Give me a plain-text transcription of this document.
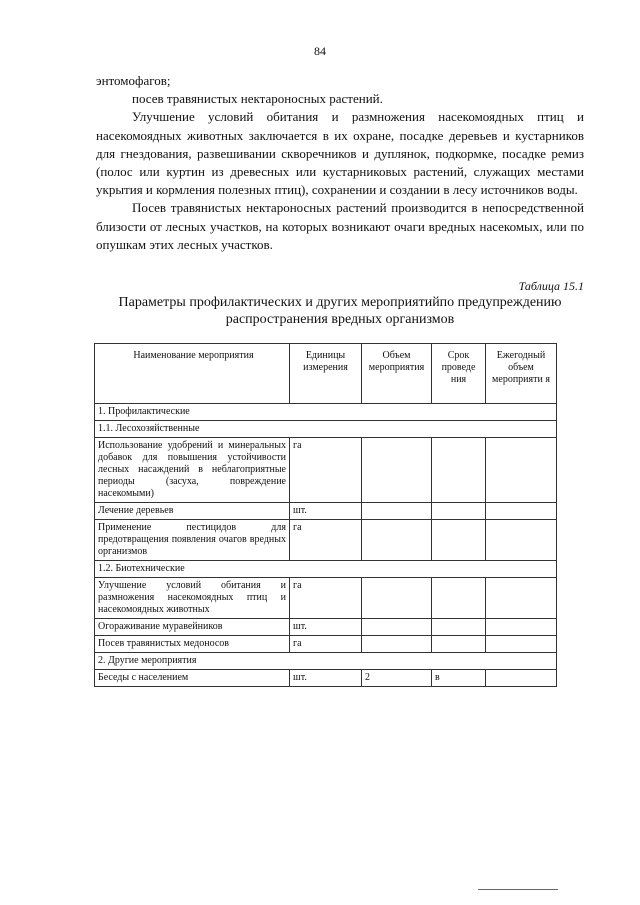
84

энтомофагов;

посев травянистых нектароносных растений.

Улучшение условий обитания и размножения насекомоядных птиц и насекомоядных животных заключается в их охране, посадке деревьев и кустарников для гнездования, развешивании скворечников и дуплянок, подкормке, посадке ремиз (полос или куртин из древесных или кустарниковых растений, служащих местами укрытия и кормления полезных птиц), сохранении и создании в лесу источников воды.

Посев травянистых нектароносных растений производится в непосредственной близости от лесных участков, на которых возникают очаги вредных насекомых, или по опушкам этих лесных участков.

Таблица 15.1
Параметры профилактических и других мероприятийпо предупреждению распространения вредных организмов
Наименование мероприятия	Единицы измерения	Объем мероприятия	Срок проведе ния	Ежегодный объем мероприяти я
1. Профилактические				
1.1. Лесохозяйственные				
Использование удобрений и минеральных добавок для повышения устойчивости лесных насаждений в неблагоприятные периоды (засуха, повреждение насекомыми)	га			
Лечение деревьев	шт.			
Применение пестицидов для предотвращения появления очагов вредных организмов	га			
1.2. Биотехнические				
Улучшение условий обитания и размножения насекомоядных птиц и насекомоядных животных	га			
Огораживание муравейников	шт.			
Посев травянистых медоносов	га			
2. Другие мероприятия				
Беседы с населением	шт.	2	в	
